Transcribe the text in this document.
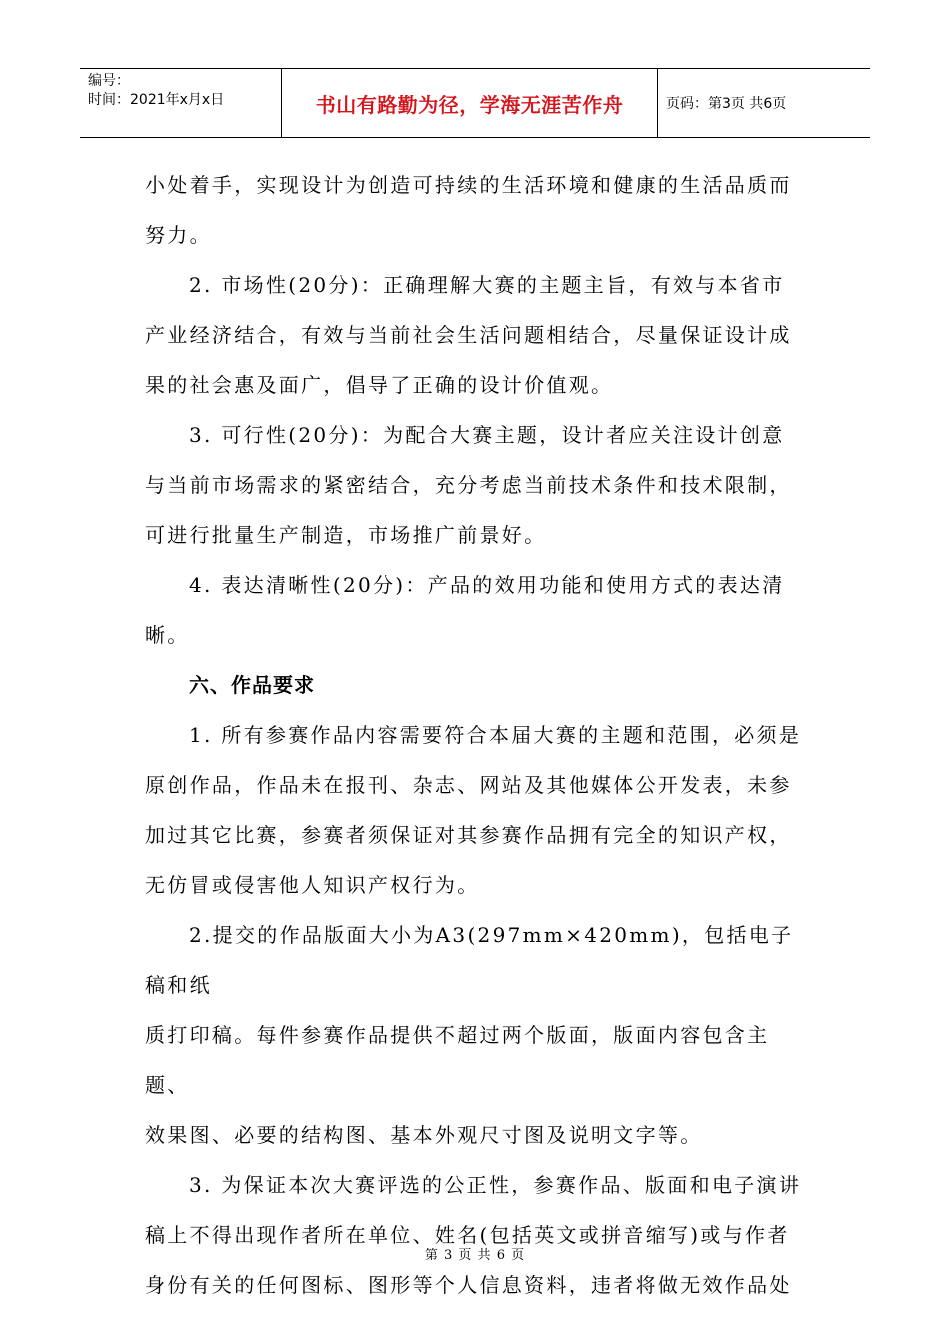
编号：
时间：2021年x月x日	书山有路勤为径，学海无涯苦作舟	页码：第3页 共6页

小处着手，实现设计为创造可持续的生活环境和健康的生活品质而
努力。

2. 市场性(20分)：正确理解大赛的主题主旨，有效与本省市
产业经济结合，有效与当前社会生活问题相结合，尽量保证设计成
果的社会惠及面广，倡导了正确的设计价值观。

3. 可行性(20分)：为配合大赛主题，设计者应关注设计创意
与当前市场需求的紧密结合，充分考虑当前技术条件和技术限制，
可进行批量生产制造，市场推广前景好。

4. 表达清晰性(20分)：产品的效用功能和使用方式的表达清
晰。

六、作品要求

1. 所有参赛作品内容需要符合本届大赛的主题和范围，必须是
原创作品，作品未在报刊、杂志、网站及其他媒体公开发表，未参
加过其它比赛，参赛者须保证对其参赛作品拥有完全的知识产权，
无仿冒或侵害他人知识产权行为。

2.提交的作品版面大小为A3(297mm×420mm)，包括电子稿和纸
质打印稿。每件参赛作品提供不超过两个版面，版面内容包含主题、
效果图、必要的结构图、基本外观尺寸图及说明文字等。

3. 为保证本次大赛评选的公正性，参赛作品、版面和电子演讲
稿上不得出现作者所在单位、姓名(包括英文或拼音缩写)或与作者
身份有关的任何图标、图形等个人信息资料，违者将做无效作品处

第 3 页 共 6 页
